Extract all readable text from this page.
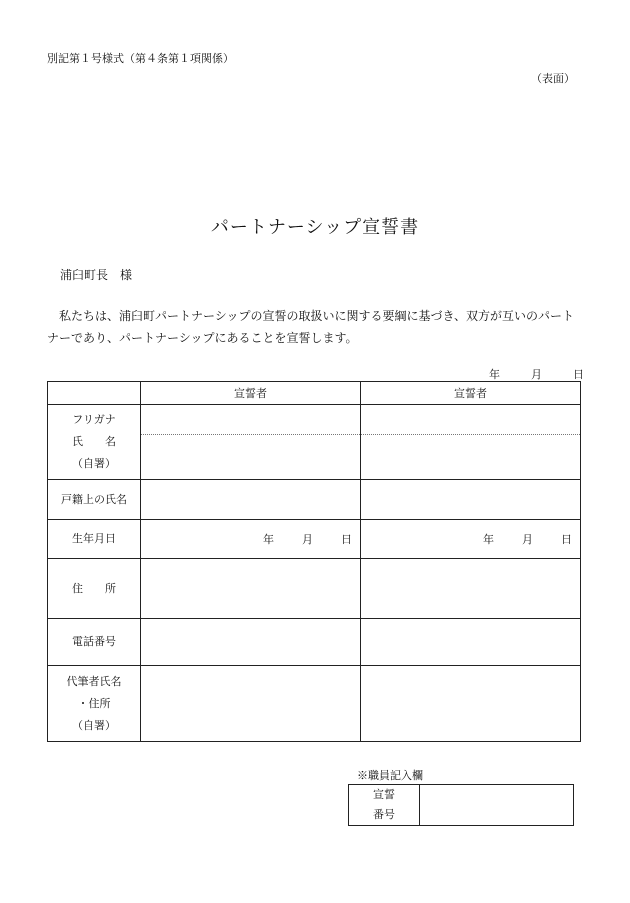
別記第１号様式（第４条第１項関係）
（表面）
パートナーシップ宣誓書
浦臼町長　様
私たちは、浦臼町パートナーシップの宣誓の取扱いに関する要綱に基づき、双方が互いのパートナーであり、パートナーシップにあることを宣誓します。
年	月	日
	宣誓者	宣誓者

フリガナ
氏　　名
（自署）		

戸籍上の氏名		
生年月日	年 月 日	年 月 日

住　　所		
電話番号		

代筆者氏名
・住所
（自署）		

※職員記入欄
宣誓
番号
